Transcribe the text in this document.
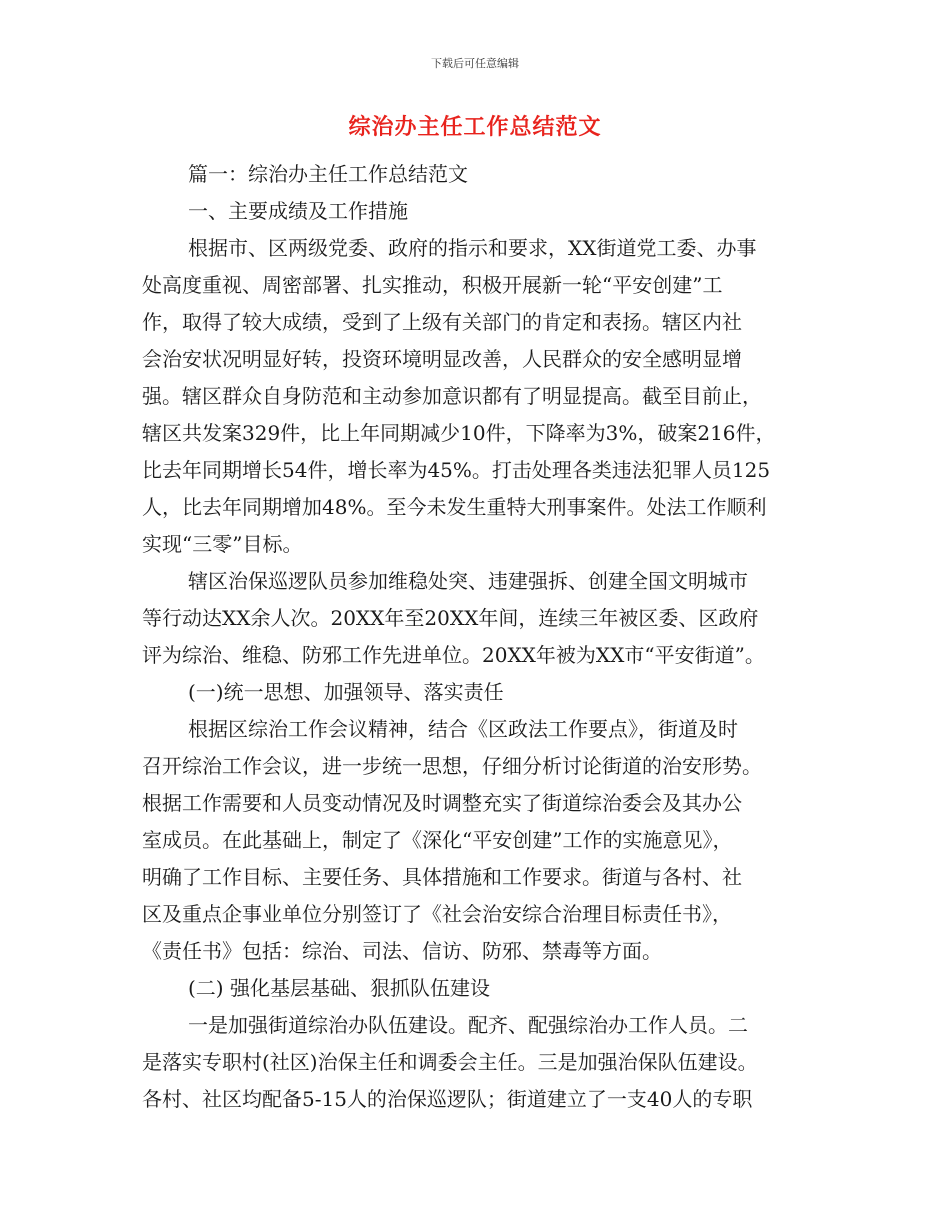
下载后可任意编辑
综治办主任工作总结范文
篇一：综治办主任工作总结范文
一、主要成绩及工作措施
根据市、区两级党委、政府的指示和要求，XX街道党工委、办事
处高度重视、周密部署、扎实推动，积极开展新一轮“平安创建”工
作，取得了较大成绩，受到了上级有关部门的肯定和表扬。辖区内社
会治安状况明显好转，投资环境明显改善，人民群众的安全感明显增
强。辖区群众自身防范和主动参加意识都有了明显提高。截至目前止，
辖区共发案329件，比上年同期减少10件，下降率为3%，破案216件，
比去年同期增长54件，增长率为45%。打击处理各类违法犯罪人员125
人，比去年同期增加48%。至今未发生重特大刑事案件。处法工作顺利
实现“三零”目标。
辖区治保巡逻队员参加维稳处突、违建强拆、创建全国文明城市
等行动达XX余人次。20XX年至20XX年间，连续三年被区委、区政府
评为综治、维稳、防邪工作先进单位。20XX年被为XX市“平安街道”。
(一)统一思想、加强领导、落实责任
根据区综治工作会议精神，结合《区政法工作要点》，街道及时
召开综治工作会议，进一步统一思想，仔细分析讨论街道的治安形势。
根据工作需要和人员变动情况及时调整充实了街道综治委会及其办公
室成员。在此基础上，制定了《深化“平安创建”工作的实施意见》，
明确了工作目标、主要任务、具体措施和工作要求。街道与各村、社
区及重点企事业单位分别签订了《社会治安综合治理目标责任书》，
《责任书》包括：综治、司法、信访、防邪、禁毒等方面。
(二) 强化基层基础、狠抓队伍建设
一是加强街道综治办队伍建设。配齐、配强综治办工作人员。二
是落实专职村(社区)治保主任和调委会主任。三是加强治保队伍建设。
各村、社区均配备5-15人的治保巡逻队；街道建立了一支40人的专职
